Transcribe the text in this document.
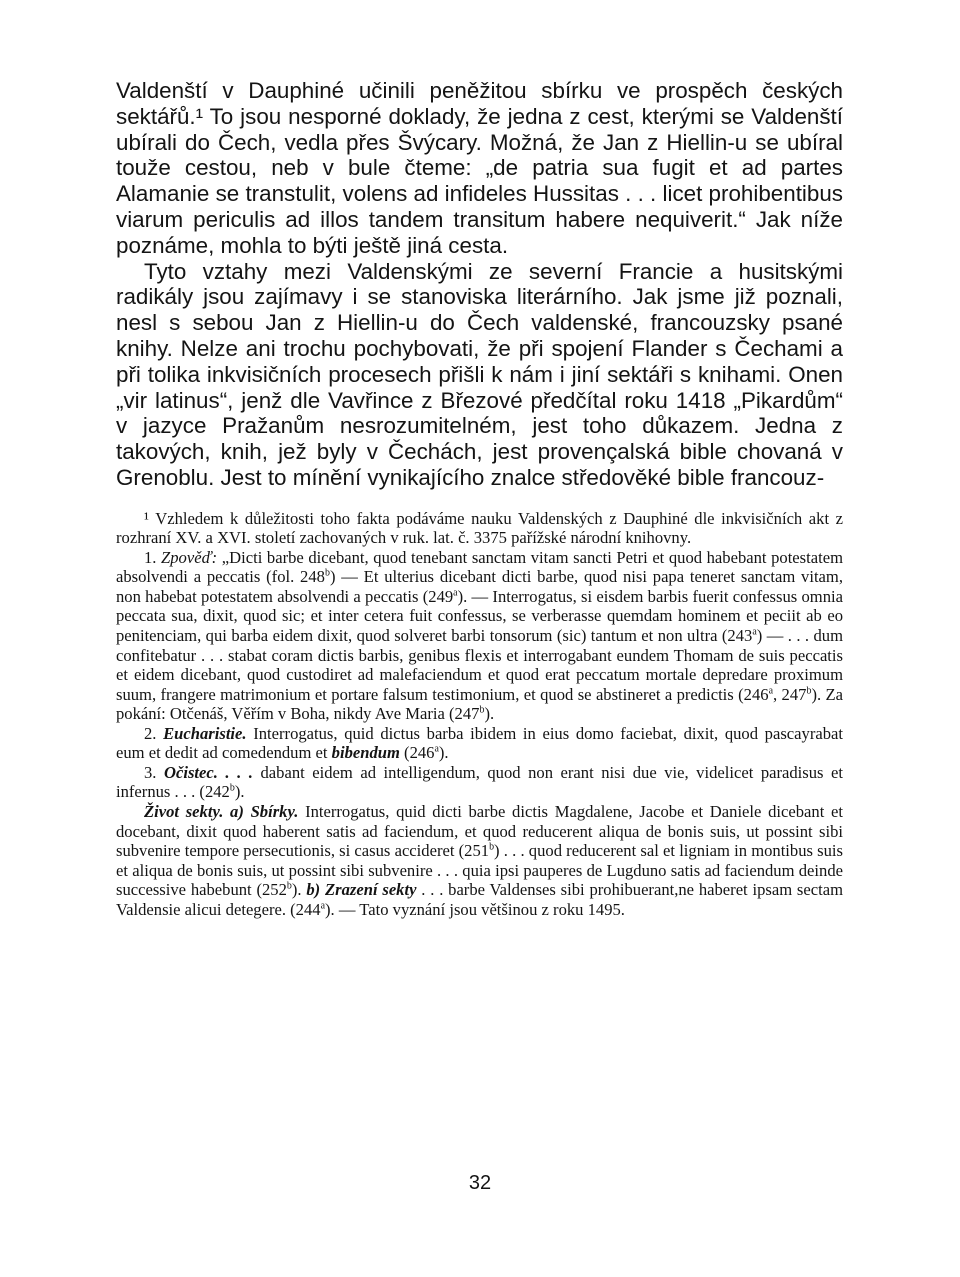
Valdenští v Dauphiné učinili peněžitou sbírku ve prospěch českých sektářů.¹ To jsou nesporné doklady, že jedna z cest, kterými se Valdenští ubírali do Čech, vedla přes Švýcary. Možná, že Jan z Hiellin-u se ubíral touže cestou, neb v bule čteme: „de patria sua fugit et ad partes Alamanie se transtulit, volens ad infideles Hussitas . . . licet prohibentibus viarum periculis ad illos tandem transitum habere nequiverit.“ Jak níže poznáme, mohla to býti ještě jiná cesta.

Tyto vztahy mezi Valdenskými ze severní Francie a husitskými radikály jsou zajímavy i se stanoviska literárního. Jak jsme již poznali, nesl s sebou Jan z Hiellin-u do Čech valdenské, francouzsky psané knihy. Nelze ani trochu pochybovati, že při spojení Flander s Čechami a při tolika inkvisičních procesech přišli k nám i jiní sektáři s knihami. Onen „vir latinus“, jenž dle Vavřince z Březové předčítal roku 1418 „Pikardům“ v jazyce Pražanům nesrozumitelném, jest toho důkazem. Jedna z takových, knih, jež byly v Čechách, jest provençalská bible chovaná v Grenoblu. Jest to mínění vynikajícího znalce středověké bible francouz-

¹ Vzhledem k důležitosti toho fakta podáváme nauku Valdenských z Dauphiné dle inkvisičních akt z rozhraní XV. a XVI. století zachovaných v ruk. lat. č. 3375 pařížské národní knihovny.

1. Zpověď: „Dicti barbe dicebant, quod tenebant sanctam vitam sancti Petri et quod habebant potestatem absolvendi a peccatis (fol. 248$^b$) — Et ulterius dicebant dicti barbe, quod nisi papa teneret sanctam vitam, non habebat potestatem absolvendi a peccatis (249$^a$). — Interrogatus, si eisdem barbis fuerit confessus omnia peccata sua, dixit, quod sic; et inter cetera fuit confessus, se verberasse quemdam hominem et peciit ab eo penitenciam, qui barba eidem dixit, quod solveret barbi tonsorum (sic) tantum et non ultra (243$^a$) — . . . dum confitebatur . . . stabat coram dictis barbis, genibus flexis et interrogabant eundem Thomam de suis peccatis et eidem dicebant, quod custodiret ad malefaciendum et quod erat peccatum mortale depredare proximum suum, frangere matrimonium et portare falsum testimonium, et quod se abstineret a predictis (246$^a$, 247$^b$). Za pokání: Otčenáš, Věřím v Boha, nikdy Ave Maria (247$^b$).

2. Eucharistie. Interrogatus, quid dictus barba ibidem in eius domo faciebat, dixit, quod pascayrabat eum et dedit ad comedendum et bibendum (246$^a$).

3. Očistec. . . . dabant eidem ad intelligendum, quod non erant nisi due vie, videlicet paradisus et infernus . . . (242$^b$).

Život sekty. a) Sbírky. Interrogatus, quid dicti barbe dictis Magdalene, Jacobe et Daniele dicebant et docebant, dixit quod haberent satis ad faciendum, et quod reducerent aliqua de bonis suis, ut possint sibi subvenire tempore persecutionis, si casus accideret (251$^b$) . . . quod reducerent sal et ligniam in montibus suis et aliqua de bonis suis, ut possint sibi subvenire . . . quia ipsi pauperes de Lugduno satis ad faciendum deinde successive habebunt (252$^b$). b) Zrazení sekty . . . barbe Valdenses sibi prohibuerant,ne haberet ipsam sectam Valdensie alicui detegere. (244$^a$). — Tato vyznání jsou většinou z roku 1495.

32
